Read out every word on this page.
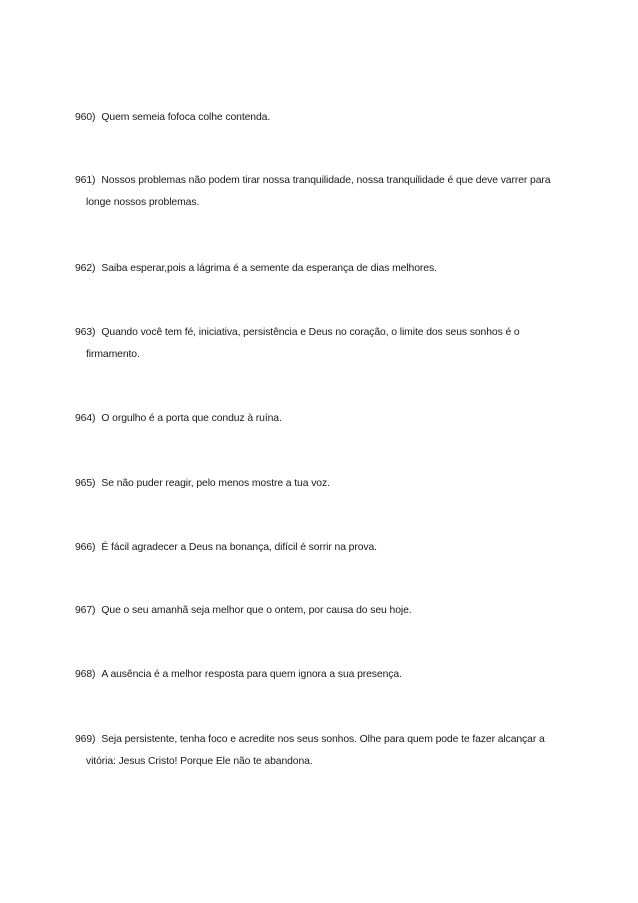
960) Quem semeia fofoca colhe contenda.
961) Nossos problemas não podem tirar nossa tranquilidade, nossa tranquilidade é que deve varrer para
longe nossos problemas.
962) Saiba esperar,pois a lágrima é a semente da esperança de dias melhores.
963) Quando você tem fé, iniciativa, persistência e Deus no coração, o limite dos seus sonhos é o
firmamento.
964) O orgulho é a porta que conduz à ruína.
965) Se não puder reagir, pelo menos mostre a tua voz.
966) É fácil agradecer a Deus na bonança, difícil é sorrir na prova.
967) Que o seu amanhã seja melhor que o ontem, por causa do seu hoje.
968) A ausência é a melhor resposta para quem ignora a sua presença.
969) Seja persistente, tenha foco e acredite nos seus sonhos. Olhe para quem pode te fazer alcançar a
vitória: Jesus Cristo! Porque Ele não te abandona.
